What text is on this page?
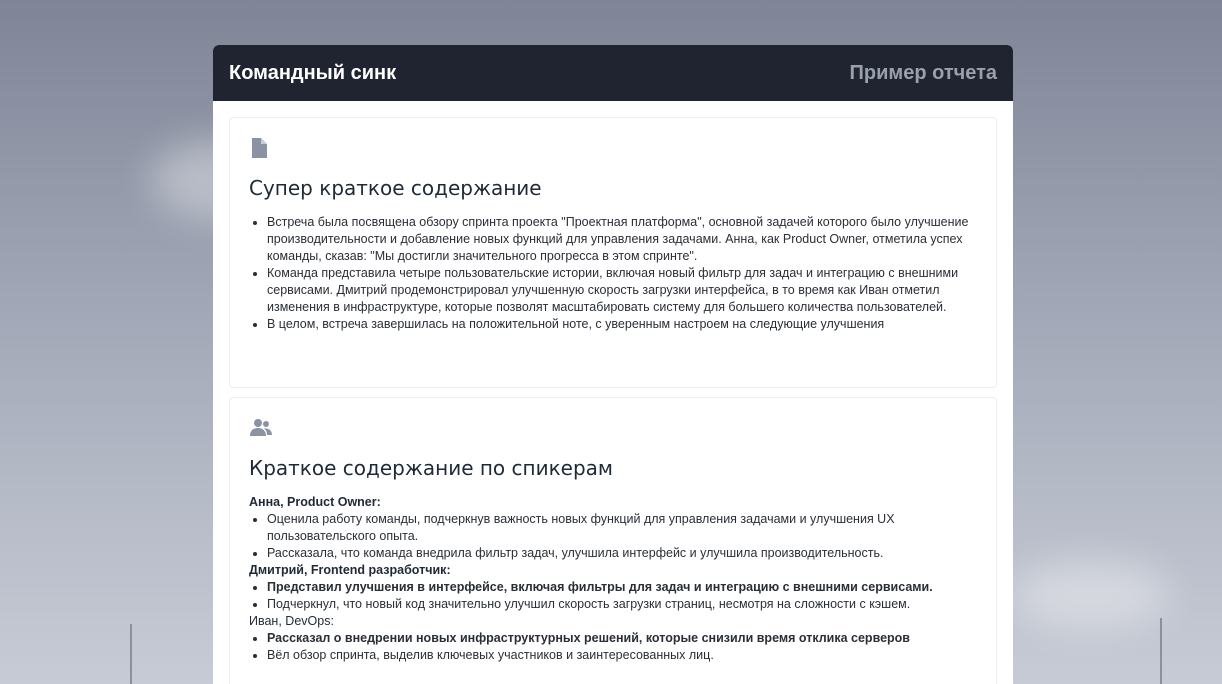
Командный синк	Пример отчета
Супер краткое содержание
• Встреча была посвящена обзору спринта проекта "Проектная платформа", основной задачей которого было улучшение производительности и добавление новых функций для управления задачами. Анна, как Product Owner, отметила успех команды, сказав: "Мы достигли значительного прогресса в этом спринте".
• Команда представила четыре пользовательские истории, включая новый фильтр для задач и интеграцию с внешними сервисами. Дмитрий продемонстрировал улучшенную скорость загрузки интерфейса, в то время как Иван отметил изменения в инфраструктуре, которые позволят масштабировать систему для большего количества пользователей.
• В целом, встреча завершилась на положительной ноте, с уверенным настроем на следующие улучшения
Краткое содержание по спикерам
Анна, Product Owner:
• Оценила работу команды, подчеркнув важность новых функций для управления задачами и улучшения UX пользовательского опыта.
• Рассказала, что команда внедрила фильтр задач, улучшила интерфейс и улучшила производительность.
Дмитрий, Frontend разработчик:
• Представил улучшения в интерфейсе, включая фильтры для задач и интеграцию с внешними сервисами.
• Подчеркнул, что новый код значительно улучшил скорость загрузки страниц, несмотря на сложности с кэшем.
Иван, DevOps:
• Рассказал о внедрении новых инфраструктурных решений, которые снизили время отклика серверов
• Вёл обзор спринта, выделив ключевых участников и заинтересованных лиц.
